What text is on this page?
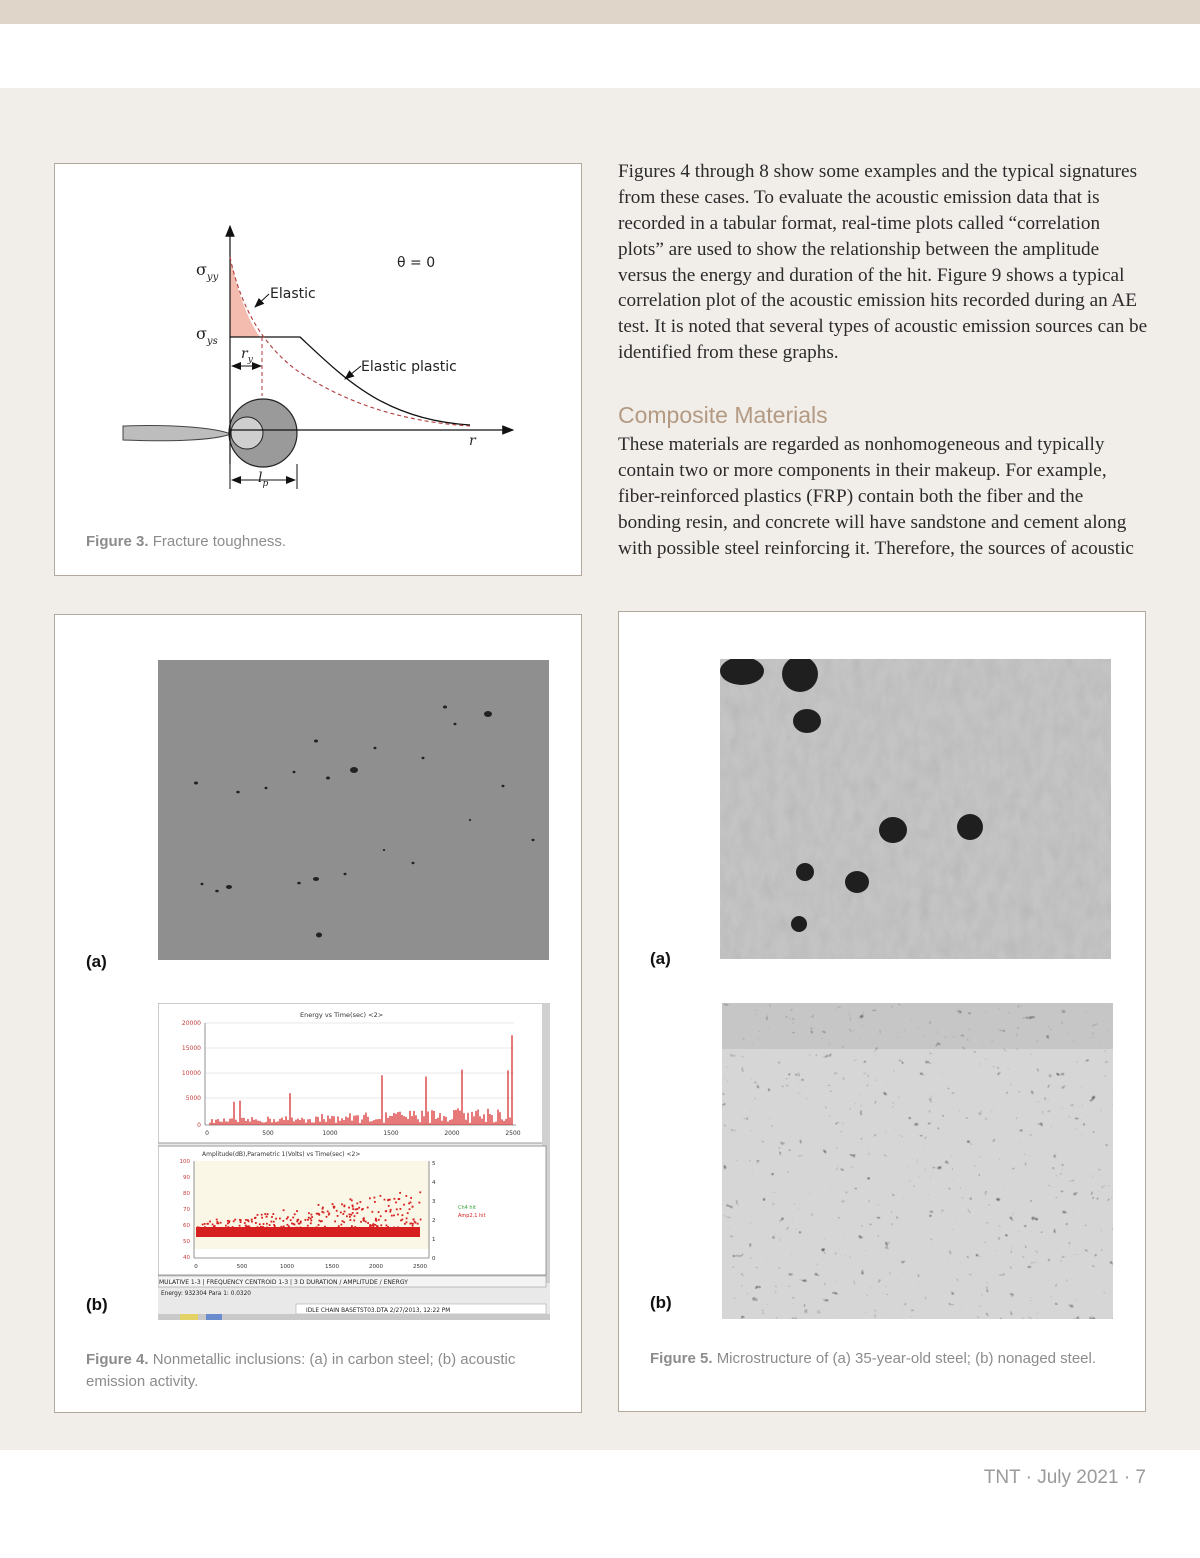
Figures 4 through 8 show some examples and the typical signatures
from these cases. To evaluate the acoustic emission data that is
recorded in a tabular format, real-time plots called “correlation
plots” are used to show the relationship between the amplitude
versus the energy and duration of the hit. Figure 9 shows a typical
correlation plot of the acoustic emission hits recorded during an AE
test. It is noted that several types of acoustic emission sources can be
identified from these graphs.
Composite Materials
These materials are regarded as nonhomogeneous and typically
contain two or more components in their makeup. For example,
fiber-reinforced plastics (FRP) contain both the fiber and the
bonding resin, and concrete will have sandstone and cement along
with possible steel reinforcing it. Therefore, the sources of acoustic
$\sigma_{yy}$
$\sigma_{ys}$
θ = 0
Elastic
Elastic plastic
r
$r_y$
$l_p$
Figure 3. Fracture toughness.
(a)
Energy vs Time(sec) <2>
20000
15000
10000
5000
0
0	500	1000	1500	2000	2500
Amplitude(dB),Parametric 1(Volts) vs Time(sec) <2>
100
90
80
70
60
50
40
5
4
3
2
1
0
0	500	1000	1500	2000	2500
Ch4 hit
Amp2.1 hit
MULATIVE 1-3 | FREQUENCY CENTROID 1-3 | 3 D DURATION / AMPLITUDE / ENERGY
Energy: 932304 Para 1: 0.0320
IDLE CHAIN BASETST03.DTA 2/27/2013, 12:22 PM
(b)
Figure 4. Nonmetallic inclusions: (a) in carbon steel; (b) acoustic emission activity.
(a)
(b)
Figure 5. Microstructure of (a) 35-year-old steel; (b) nonaged steel.
TNT · July 2021 · 7
